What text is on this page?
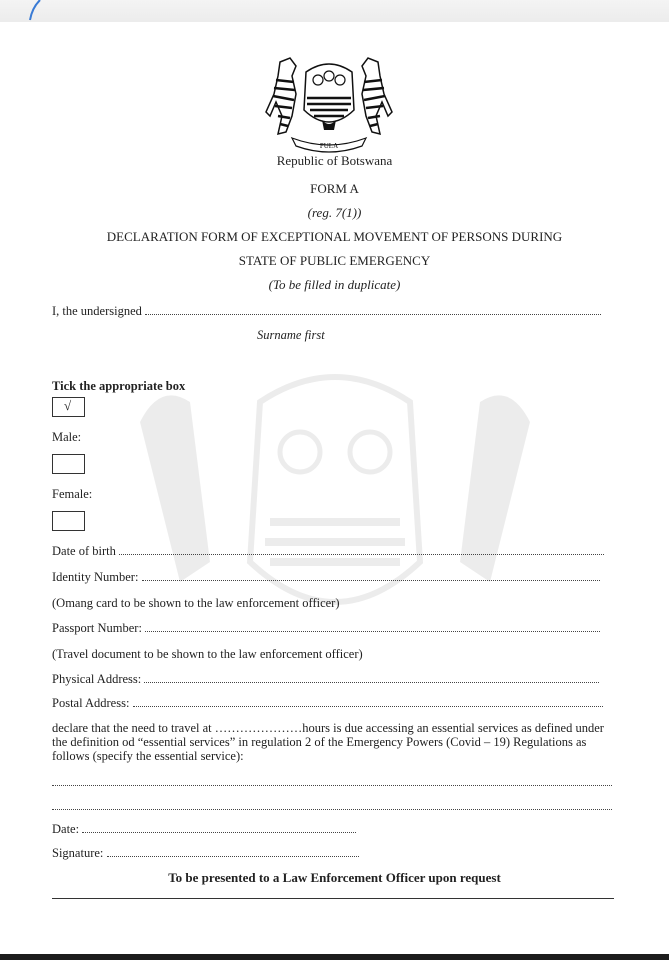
PULA
Republic of Botswana
FORM A
(reg. 7(1))
DECLARATION FORM OF EXCEPTIONAL MOVEMENT OF PERSONS DURING
STATE OF PUBLIC EMERGENCY
(To be filled in duplicate)
I, the undersigned
Surname first
Tick the appropriate box
√
Male:
Female:
Date of birth
Identity Number:
(Omang card to be shown to the law enforcement officer)
Passport Number:
(Travel document to be shown to the law enforcement officer)
Physical Address:
Postal Address:
declare that the need to travel at …………………hours is due accessing an essential services as defined under the definition od “essential services” in regulation 2 of the Emergency Powers (Covid – 19) Regulations as follows (specify the essential service):
Date:
Signature:
To be presented to a Law Enforcement Officer upon request
